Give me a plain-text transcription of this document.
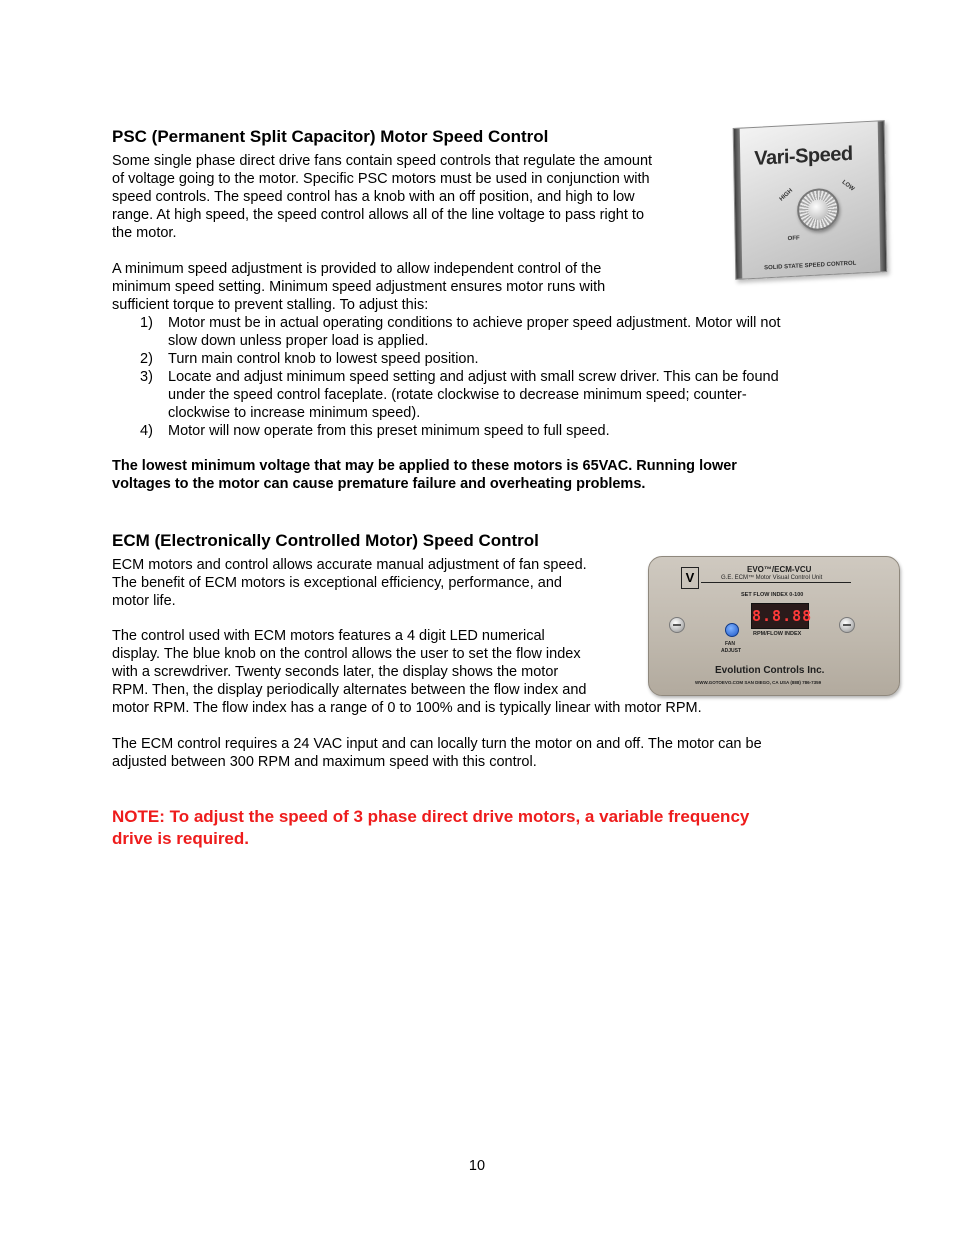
PSC (Permanent Split Capacitor) Motor Speed Control

Some single phase direct drive fans contain speed controls that regulate the amount
of voltage going to the motor. Specific PSC motors must be used in conjunction with
speed controls. The speed control has a knob with an off position, and high to low
range. At high speed, the speed control allows all of the line voltage to pass right to
the motor.

A minimum speed adjustment is provided to allow independent control of the
minimum speed setting. Minimum speed adjustment ensures motor runs with
sufficient torque to prevent stalling. To adjust this:

1) Motor must be in actual operating conditions to achieve proper speed adjustment. Motor will not
slow down unless proper load is applied.
2) Turn main control knob to lowest speed position.
3) Locate and adjust minimum speed setting and adjust with small screw driver. This can be found
under the speed control faceplate. (rotate clockwise to decrease minimum speed; counter-
clockwise to increase minimum speed).
4) Motor will now operate from this preset minimum speed to full speed.

The lowest minimum voltage that may be applied to these motors is 65VAC. Running lower
voltages to the motor can cause premature failure and overheating problems.

Vari-Speed
HIGH
LOW
OFF
SOLID STATE SPEED CONTROL
ECM (Electronically Controlled Motor) Speed Control

ECM motors and control allows accurate manual adjustment of fan speed.
The benefit of ECM motors is exceptional efficiency, performance, and
motor life.

The control used with ECM motors features a 4 digit LED numerical
display. The blue knob on the control allows the user to set the flow index
with a screwdriver. Twenty seconds later, the display shows the motor
RPM. Then, the display periodically alternates between the flow index and
motor RPM. The flow index has a range of 0 to 100% and is typically linear with motor RPM.

The ECM control requires a 24 VAC input and can locally turn the motor on and off. The motor can be
adjusted between 300 RPM and maximum speed with this control.

V
EVO™/ECM-VCU
G.E. ECM™ Motor Visual Control Unit
SET FLOW INDEX 0-100
8.8.88
FAN
ADJUST
RPM/FLOW INDEX
Evolution Controls Inc.
WWW.GOTOEVO.COM SAN DIEGO, CA USA (888) 786-7359

NOTE: To adjust the speed of 3 phase direct drive motors, a variable frequency
drive is required.

10
